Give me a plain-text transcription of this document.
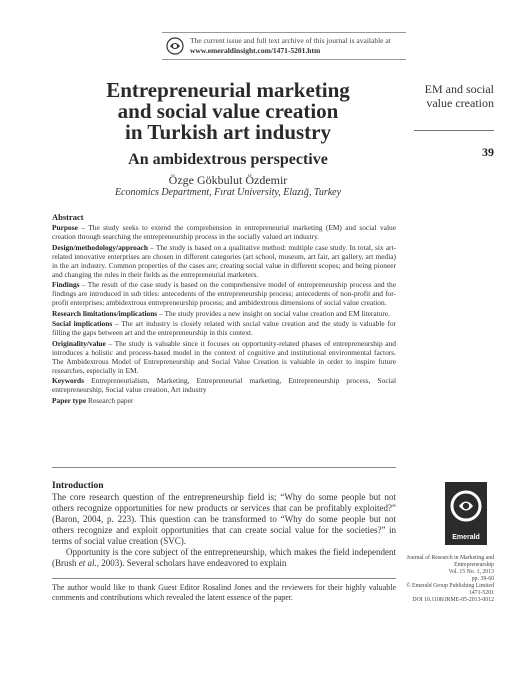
The current issue and full text archive of this journal is available at
www.emeraldinsight.com/1471-5201.htm
Entrepreneurial marketing
and social value creation
in Turkish art industry
An ambidextrous perspective
Özge Gökbulut Özdemir
Economics Department, Fırat University, Elazığ, Turkey
EM and social
value creation
39
Abstract

Purpose – The study seeks to extend the comprehension in entrepreneurial marketing (EM) and social value creation through searching the entrepreneurship process in the socially valued art industry.

Design/methodology/approach – The study is based on a qualitative method: multiple case study. In total, six art-related innovative enterprises are chosen in different categories (art school, museum, art fair, art gallery, art media) in the art industry. Common properties of the cases are; creating social value in different scopes; and being pioneer and changing the rules in their fields as the entrepreneurial marketers.

Findings – The result of the case study is based on the comprehensive model of entrepreneurship process and the findings are introduced in sub titles: antecedents of the entrepreneurship process; antecedents of non-profit and for-profit enterprises; ambidextrous entrepreneurship process; and ambidextrous dimensions of social value creation.

Research limitations/implications – The study provides a new insight on social value creation and EM literature.

Social implications – The art industry is closely related with social value creation and the study is valuable for filling the gaps between art and the entrepreneurship in this context.

Originality/value – The study is valuable since it focuses on opportunity-related phases of entrepreneurship and introduces a holistic and process-based model in the context of cognitive and institutional environmental factors. The Ambidextrous Model of Entrepreneurship and Social Value Creation is valuable in order to inspire future researches, especially in EM.

Keywords Entrepreneurialism, Marketing, Entrepreneurial marketing, Entrepreneurship process, Social entrepreneurship, Social value creation, Art industry

Paper type Research paper

Introduction

The core research question of the entrepreneurship field is; “Why do some people but not others recognize opportunities for new products or services that can be profitably exploited?” (Baron, 2004, p. 223). This question can be transformed to “Why do some people but not others recognize and exploit opportunities that can create social value for the societies?” in terms of social value creation (SVC).

Opportunity is the core subject of the entrepreneurship, which makes the field independent (Brush et al., 2003). Several scholars have endeavored to explain

The author would like to thank Guest Editor Rosalind Jones and the reviewers for their highly valuable comments and contributions which revealed the latent essence of the paper.
Emerald
Journal of Research in Marketing and
Entrepreneurship
Vol. 15 No. 1, 2013
pp. 39-60
© Emerald Group Publishing Limited
1471-5201
DOI 10.1108/JRME-05-2013-0012
